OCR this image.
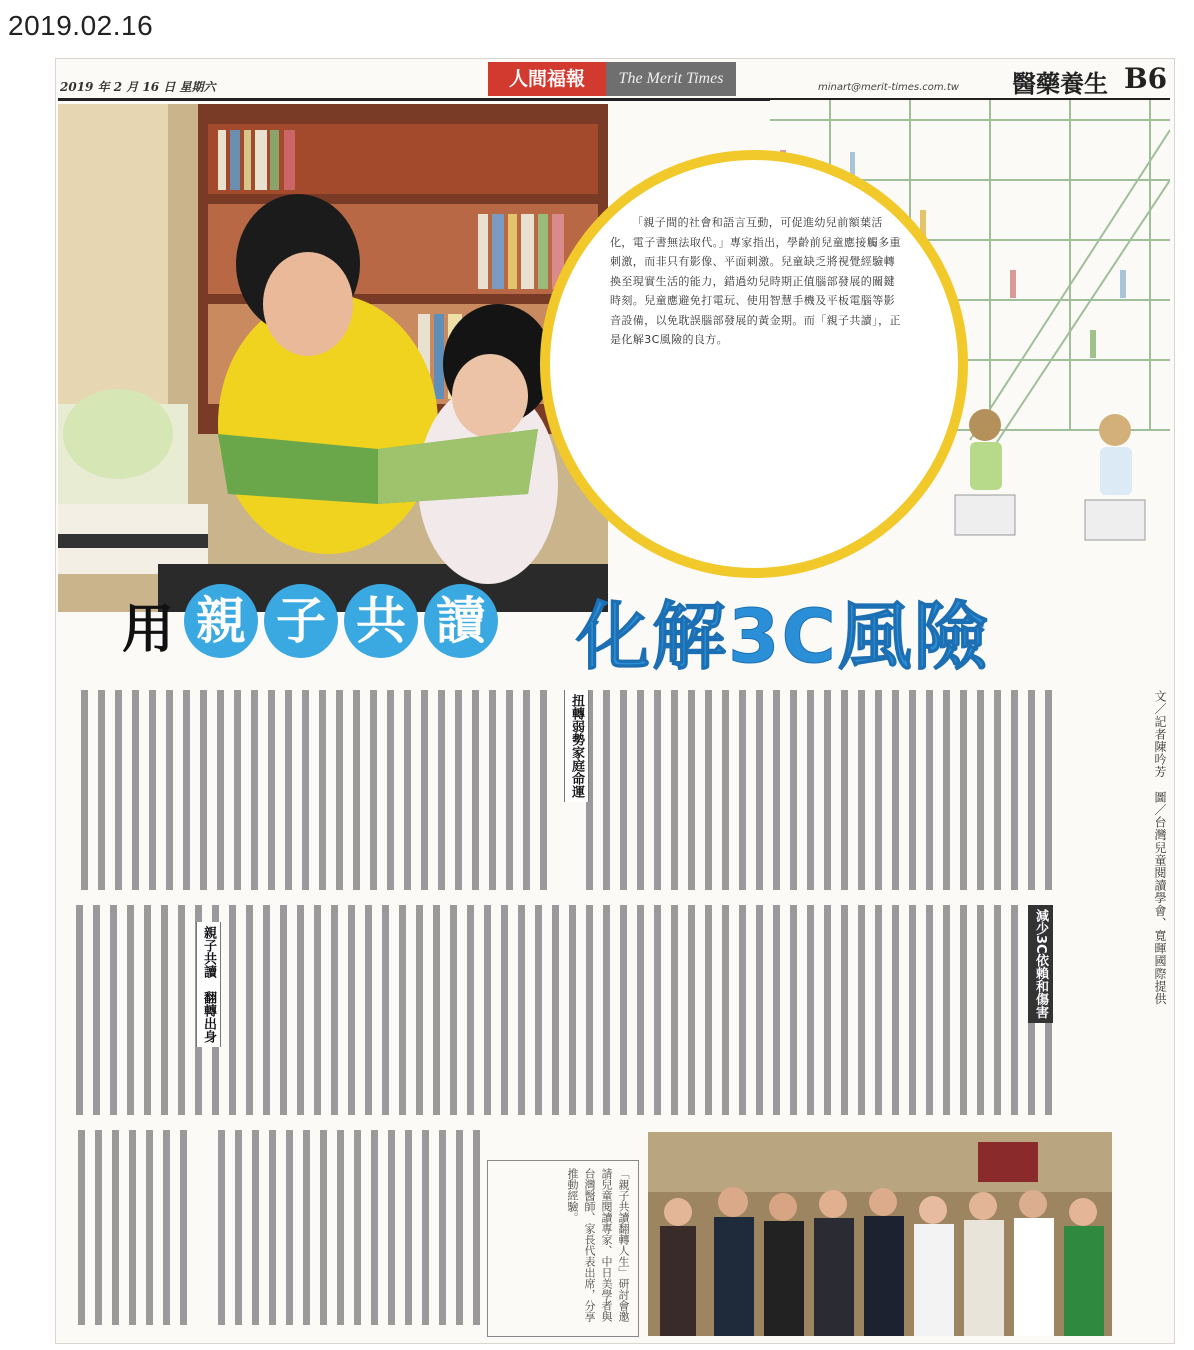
2019.02.16
2019 年 2 月 16 日 星期六	人間福報	The Merit Times
minart@merit-times.com.tw 醫藥養生 B6
「親子間的社會和語言互動，可促進幼兒前額葉活化，電子書無法取代。」專家指出，學齡前兒童應接觸多重刺激，而非只有影像、平面刺激。兒童缺乏將視覺經驗轉換至現實生活的能力，錯過幼兒時期正值腦部發展的關鍵時刻。兒童應避免打電玩、使用智慧手機及平板電腦等影音設備，以免耽誤腦部發展的黃金期。而「親子共讀」，正是化解3C風險的良方。
用 親 子 共 讀 化解3C風險
文／記者陳吟芳　圖／台灣兒童閱讀學會、寬暉國際提供
減少3C依賴和傷害
扭轉弱勢家庭命運
親子共讀　翻轉出身
「親子共讀翻轉人生」研討會邀請兒童閱讀專家、中日美學者與台灣醫師、家長代表出席，分享推動經驗。
